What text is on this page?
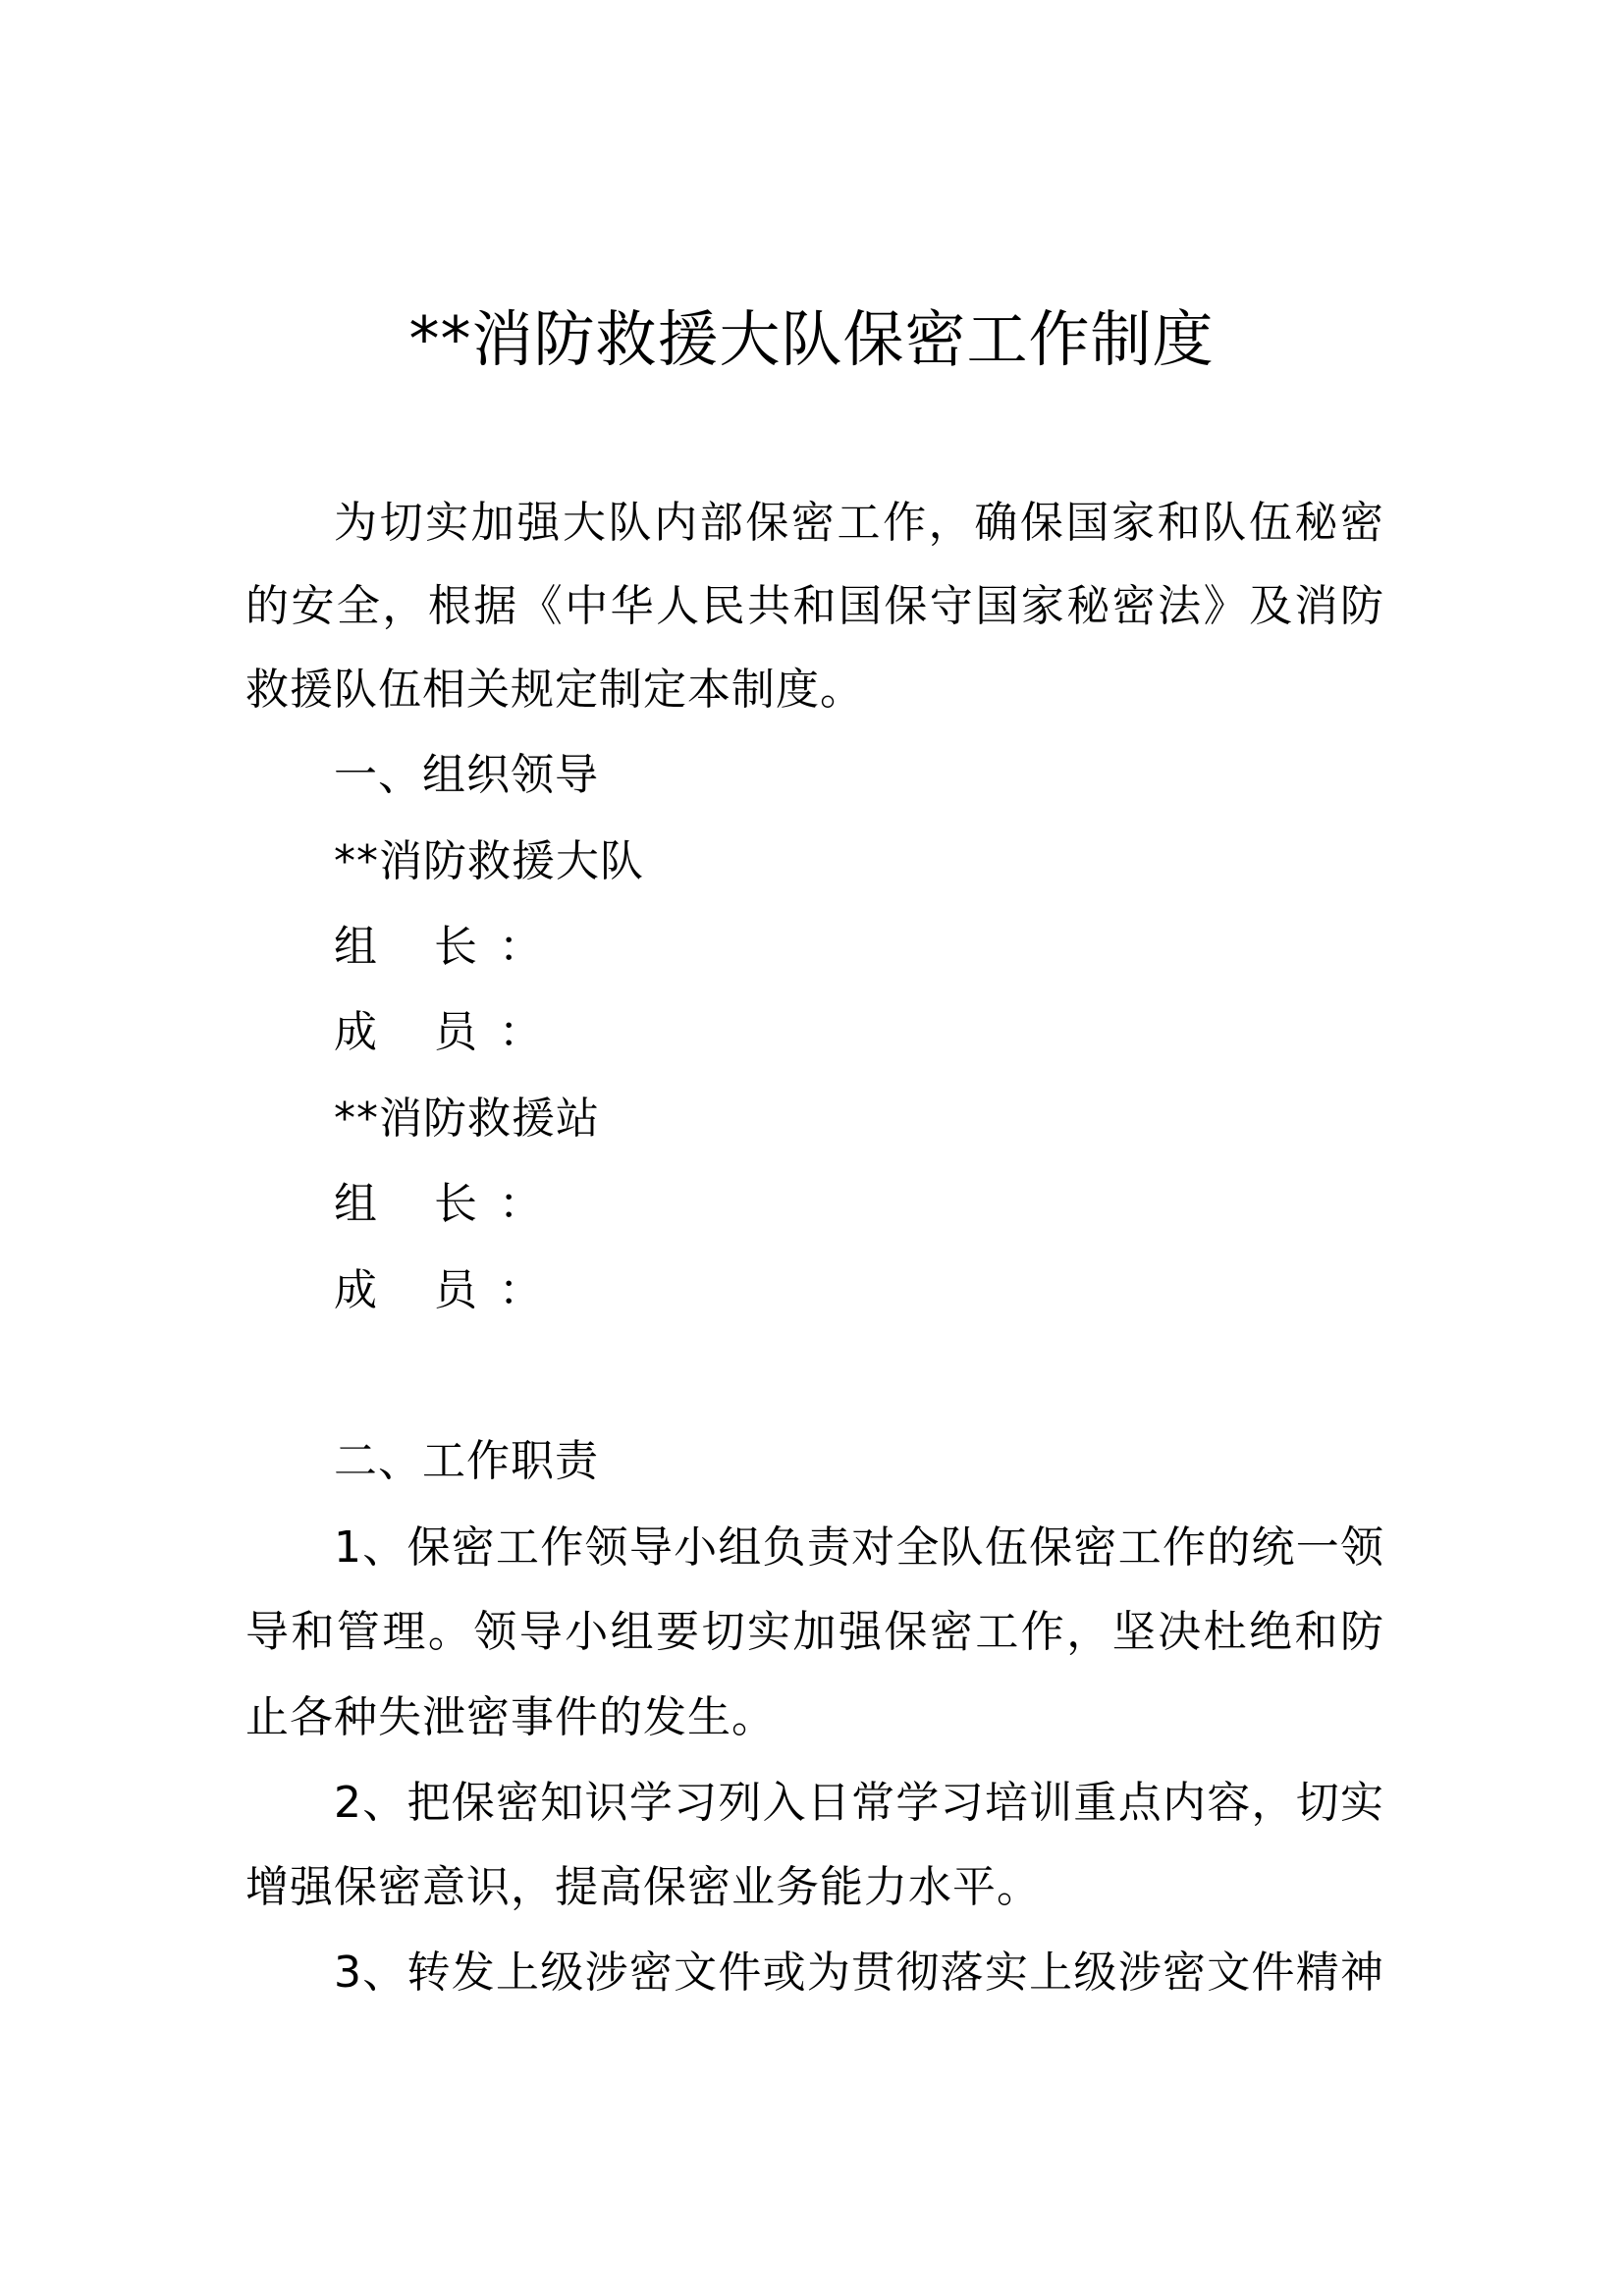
**消防救援大队保密工作制度
为切实加强大队内部保密工作，确保国家和队伍秘密
的安全，根据《中华人民共和国保守国家秘密法》及消防
救援队伍相关规定制定本制度。
一、组织领导
**消防救援大队
组 长：
成 员：
**消防救援站
组 长：
成 员：
二、工作职责
1、保密工作领导小组负责对全队伍保密工作的统一领
导和管理。领导小组要切实加强保密工作，坚决杜绝和防
止各种失泄密事件的发生。
2、把保密知识学习列入日常学习培训重点内容，切实
增强保密意识，提高保密业务能力水平。
3、转发上级涉密文件或为贯彻落实上级涉密文件精神
